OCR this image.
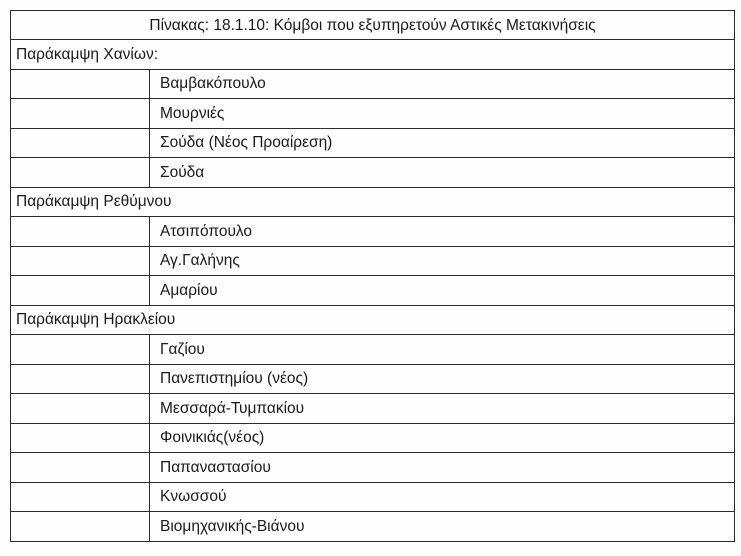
Πίνακας: 18.1.10: Κόμβοι που εξυπηρετούν Αστικές Μετακινήσεις	
Παράκαμψη Χανίων:	
	Βαμβακόπουλο
	Μουρνιές
	Σούδα (Νέος Προαίρεση)
	Σούδα
Παράκαμψη Ρεθύμνου	
	Ατσιπόπουλο
	Αγ.Γαλήνης
	Αμαρίου
Παράκαμψη Ηρακλείου	
	Γαζίου
	Πανεπιστημίου (νέος)
	Μεσσαρά-Τυμπακίου
	Φοινικιάς(νέος)
	Παπαναστασίου
	Κνωσσού
	Βιομηχανικής-Βιάνου
